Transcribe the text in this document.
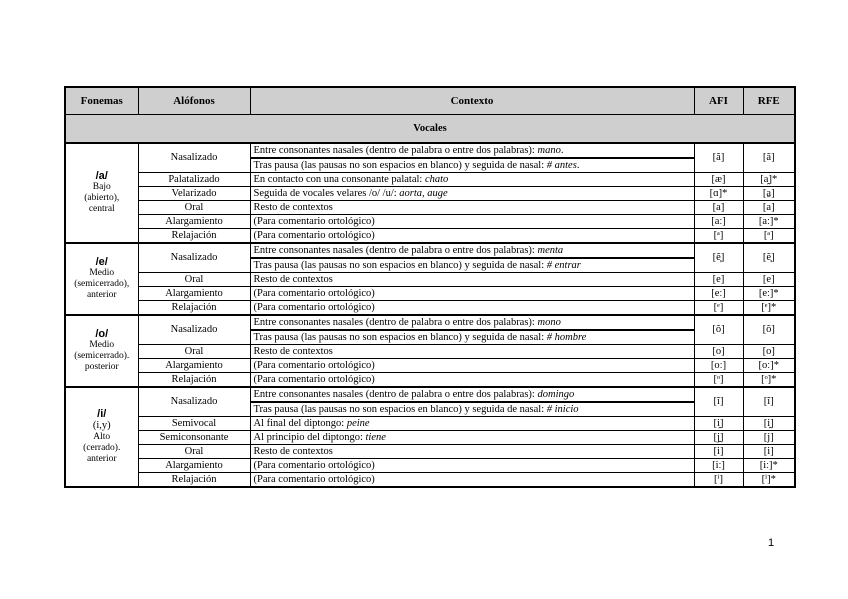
Fonemas	Alófonos	Contexto	AFI	RFE
Vocales				

/a/
Bajo
(abierto),
central	Nasalizado	Entre consonantes nasales (dentro de palabra o entre dos palabras): mano.	[ã]	[ã]
		Tras pausa (las pausas no son espacios en blanco) y seguida de nasal: # antes.		
	Palatalizado	En contacto con una consonante palatal: chato	[æ]	[a̭]*
	Velarizado	Seguida de vocales velares /o/ /u/: aorta, auge	[ɑ]*	[a̱]
	Oral	Resto de contextos	[a]	[a]
	Alargamiento	(Para comentario ortológico)	[aː]	[aː]*
	Relajación	(Para comentario ortológico)	[ᵃ]	[ᵃ]

/e/
Medio
(semicerrado),
anterior	Nasalizado	Entre consonantes nasales (dentro de palabra o entre dos palabras): menta	[ẽ̞]	[ẽ̞]
		Tras pausa (las pausas no son espacios en blanco) y seguida de nasal: # entrar		
	Oral	Resto de contextos	[e]	[e]
	Alargamiento	(Para comentario ortológico)	[eː]	[eː]*
	Relajación	(Para comentario ortológico)	[ᵉ]	[ᵉ]*

/o/
Medio
(semicerrado).
posterior	Nasalizado	Entre consonantes nasales (dentro de palabra o entre dos palabras): mono	[õ]	[õ]
		Tras pausa (las pausas no son espacios en blanco) y seguida de nasal: # hombre		
	Oral	Resto de contextos	[o]	[o]
	Alargamiento	(Para comentario ortológico)	[oː]	[oː]*
	Relajación	(Para comentario ortológico)	[ᵒ]	[ᵒ]*

/i/
(i,y)
Alto
(cerrado).
anterior	Nasalizado	Entre consonantes nasales (dentro de palabra o entre dos palabras): domingo	[ĩ]	[ĩ]
		Tras pausa (las pausas no son espacios en blanco) y seguida de nasal: # inicio		
	Semivocal	Al final del diptongo: peine	[i̯]	[i̯]
	Semiconsonante	Al principio del diptongo: tiene	[j̯]	[j]
	Oral	Resto de contextos	[i]	[i]
	Alargamiento	(Para comentario ortológico)	[iː]	[iː]*
	Relajación	(Para comentario ortológico)	[ⁱ]	[ⁱ]*
1
